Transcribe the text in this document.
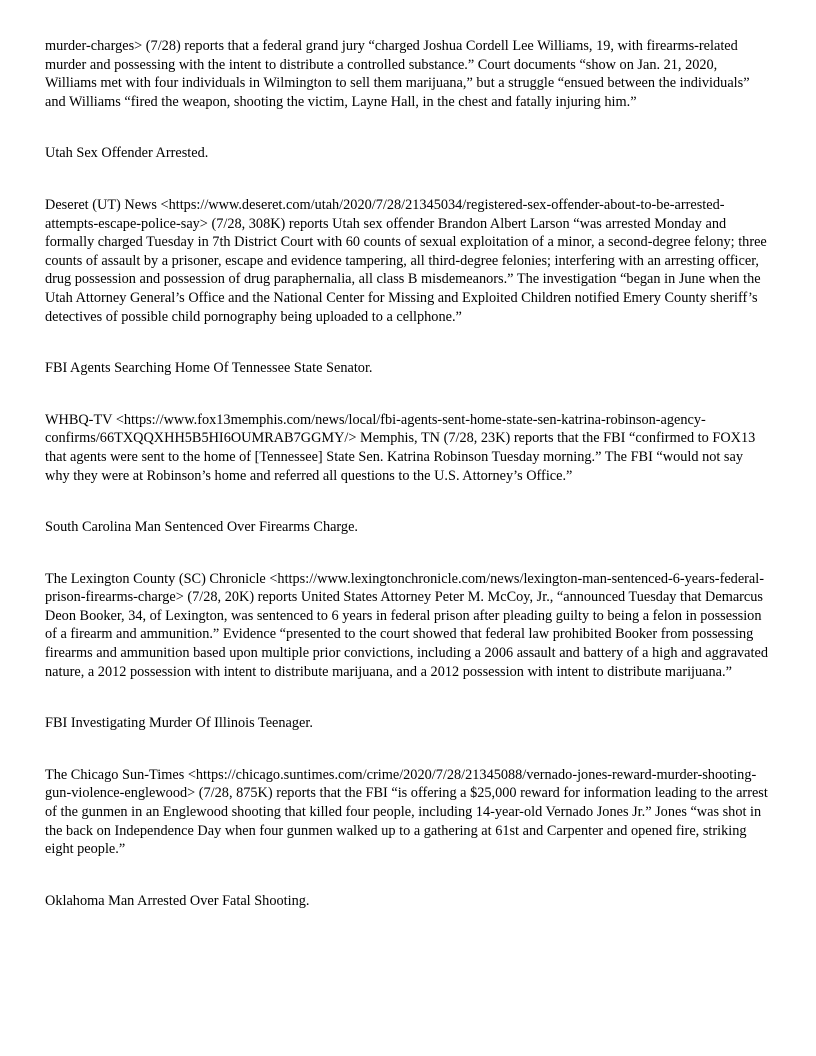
murder-charges> (7/28) reports that a federal grand jury “charged Joshua Cordell Lee Williams, 19, with firearms-related murder and possessing with the intent to distribute a controlled substance.” Court documents “show on Jan. 21, 2020, Williams met with four individuals in Wilmington to sell them marijuana,” but a struggle “ensued between the individuals” and Williams “fired the weapon, shooting the victim, Layne Hall, in the chest and fatally injuring him.”

Utah Sex Offender Arrested.

Deseret (UT) News <https://www.deseret.com/utah/2020/7/28/21345034/registered-sex-offender-about-to-be-arrested-attempts-escape-police-say> (7/28, 308K) reports Utah sex offender Brandon Albert Larson “was arrested Monday and formally charged Tuesday in 7th District Court with 60 counts of sexual exploitation of a minor, a second-degree felony; three counts of assault by a prisoner, escape and evidence tampering, all third-degree felonies; interfering with an arresting officer, drug possession and possession of drug paraphernalia, all class B misdemeanors.” The investigation “began in June when the Utah Attorney General’s Office and the National Center for Missing and Exploited Children notified Emery County sheriff’s detectives of possible child pornography being uploaded to a cellphone.”

FBI Agents Searching Home Of Tennessee State Senator.

WHBQ-TV <https://www.fox13memphis.com/news/local/fbi-agents-sent-home-state-sen-katrina-robinson-agency-confirms/66TXQQXHH5B5HI6OUMRAB7GGMY/> Memphis, TN (7/28, 23K) reports that the FBI “confirmed to FOX13 that agents were sent to the home of [Tennessee] State Sen. Katrina Robinson Tuesday morning.” The FBI “would not say why they were at Robinson’s home and referred all questions to the U.S. Attorney’s Office.”

South Carolina Man Sentenced Over Firearms Charge.

The Lexington County (SC) Chronicle <https://www.lexingtonchronicle.com/news/lexington-man-sentenced-6-years-federal-prison-firearms-charge> (7/28, 20K) reports United States Attorney Peter M. McCoy, Jr., “announced Tuesday that Demarcus Deon Booker, 34, of Lexington, was sentenced to 6 years in federal prison after pleading guilty to being a felon in possession of a firearm and ammunition.” Evidence “presented to the court showed that federal law prohibited Booker from possessing firearms and ammunition based upon multiple prior convictions, including a 2006 assault and battery of a high and aggravated nature, a 2012 possession with intent to distribute marijuana, and a 2012 possession with intent to distribute marijuana.”

FBI Investigating Murder Of Illinois Teenager.

The Chicago Sun-Times <https://chicago.suntimes.com/crime/2020/7/28/21345088/vernado-jones-reward-murder-shooting-gun-violence-englewood> (7/28, 875K) reports that the FBI “is offering a $25,000 reward for information leading to the arrest of the gunmen in an Englewood shooting that killed four people, including 14-year-old Vernado Jones Jr.” Jones “was shot in the back on Independence Day when four gunmen walked up to a gathering at 61st and Carpenter and opened fire, striking eight people.”

Oklahoma Man Arrested Over Fatal Shooting.
